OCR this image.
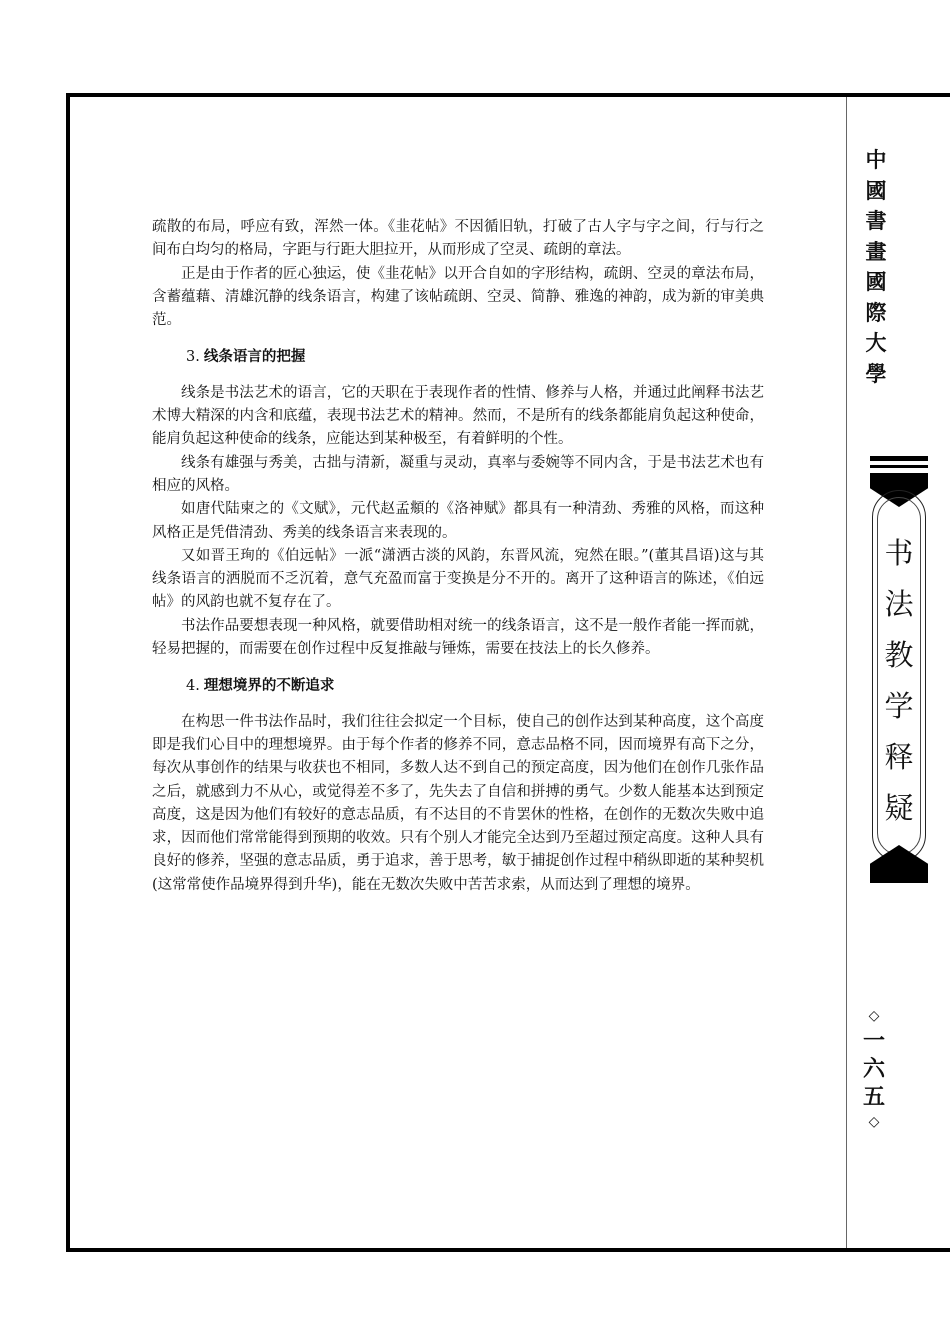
疏散的布局，呼应有致，浑然一体。《韭花帖》不因循旧轨，打破了古人字与字之间，行与行之间布白均匀的格局，字距与行距大胆拉开，从而形成了空灵、疏朗的章法。

正是由于作者的匠心独运，使《韭花帖》以开合自如的字形结构，疏朗、空灵的章法布局，含蓄蕴藉、清雄沉静的线条语言，构建了该帖疏朗、空灵、简静、雅逸的神韵，成为新的审美典范。

3. 线条语言的把握

线条是书法艺术的语言，它的天职在于表现作者的性情、修养与人格，并通过此阐释书法艺术博大精深的内含和底蕴，表现书法艺术的精神。然而，不是所有的线条都能肩负起这种使命，能肩负起这种使命的线条，应能达到某种极至，有着鲜明的个性。

线条有雄强与秀美，古拙与清新，凝重与灵动，真率与委婉等不同内含，于是书法艺术也有相应的风格。

如唐代陆柬之的《文赋》，元代赵孟頫的《洛神赋》都具有一种清劲、秀雅的风格，而这种风格正是凭借清劲、秀美的线条语言来表现的。

又如晋王珣的《伯远帖》一派“潇洒古淡的风韵，东晋风流，宛然在眼。”(董其昌语)这与其线条语言的洒脱而不乏沉着，意气充盈而富于变换是分不开的。离开了这种语言的陈述，《伯远帖》的风韵也就不复存在了。

书法作品要想表现一种风格，就要借助相对统一的线条语言，这不是一般作者能一挥而就，轻易把握的，而需要在创作过程中反复推敲与锤炼，需要在技法上的长久修养。

4. 理想境界的不断追求

在构思一件书法作品时，我们往往会拟定一个目标，使自己的创作达到某种高度，这个高度即是我们心目中的理想境界。由于每个作者的修养不同，意志品格不同，因而境界有高下之分，每次从事创作的结果与收获也不相同，多数人达不到自己的预定高度，因为他们在创作几张作品之后，就感到力不从心，或觉得差不多了，先失去了自信和拼搏的勇气。少数人能基本达到预定高度，这是因为他们有较好的意志品质，有不达目的不肯罢休的性格，在创作的无数次失败中追求，因而他们常常能得到预期的收效。只有个别人才能完全达到乃至超过预定高度。这种人具有良好的修养，坚强的意志品质，勇于追求，善于思考，敏于捕捉创作过程中稍纵即逝的某种契机(这常常使作品境界得到升华)，能在无数次失败中苦苦求索，从而达到了理想的境界。

中
國
書
畫
國
際
大
學
书
法
教
学
释
疑
◇
一
六
五
◇
